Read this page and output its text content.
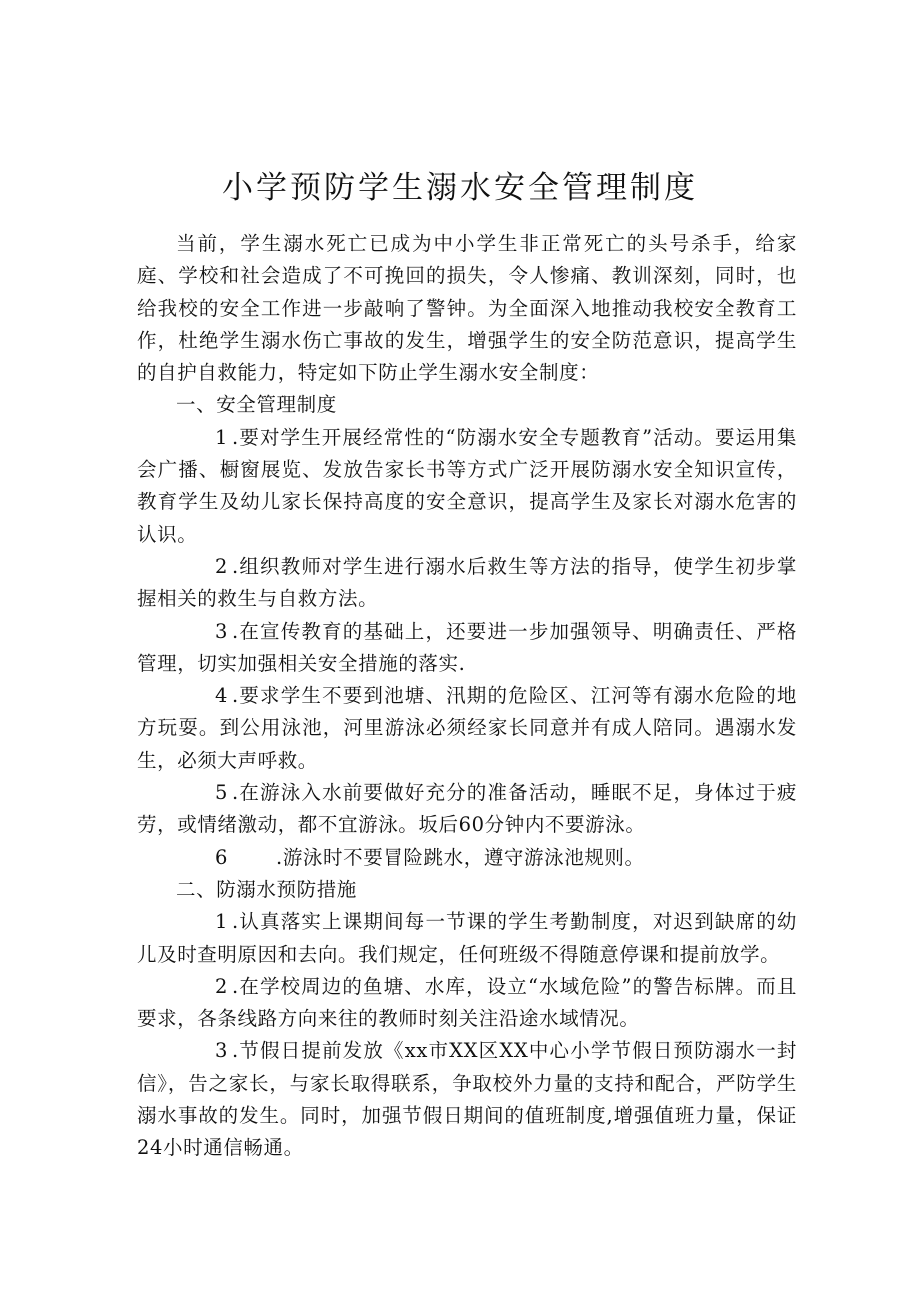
小学预防学生溺水安全管理制度

当前，学生溺水死亡已成为中小学生非正常死亡的头号杀手，给家庭、学校和社会造成了不可挽回的损失，令人惨痛、教训深刻，同时，也给我校的安全工作进一步敲响了警钟。为全面深入地推动我校安全教育工作，杜绝学生溺水伤亡事故的发生，增强学生的安全防范意识，提高学生的自护自救能力，特定如下防止学生溺水安全制度：

一、安全管理制度

1 .要对学生开展经常性的“防溺水安全专题教育”活动。要运用集会广播、橱窗展览、发放告家长书等方式广泛开展防溺水安全知识宣传，教育学生及幼儿家长保持高度的安全意识，提高学生及家长对溺水危害的认识。

2 .组织教师对学生进行溺水后救生等方法的指导，使学生初步掌握相关的救生与自救方法。

3 .在宣传教育的基础上，还要进一步加强领导、明确责任、严格管理，切实加强相关安全措施的落实.

4 .要求学生不要到池塘、汛期的危险区、江河等有溺水危险的地方玩耍。到公用泳池，河里游泳必须经家长同意并有成人陪同。遇溺水发生，必须大声呼救。

5 .在游泳入水前要做好充分的准备活动，睡眠不足，身体过于疲劳，或情绪激动，都不宜游泳。坂后60分钟内不要游泳。

6 .游泳时不要冒险跳水，遵守游泳池规则。

二、防溺水预防措施

1 .认真落实上课期间每一节课的学生考勤制度，对迟到缺席的幼儿及时查明原因和去向。我们规定，任何班级不得随意停课和提前放学。

2 .在学校周边的鱼塘、水库，设立“水域危险”的警告标牌。而且要求，各条线路方向来往的教师时刻关注沿途水域情况。

3 .节假日提前发放《xx市XX区XX中心小学节假日预防溺水一封信》，告之家长，与家长取得联系，争取校外力量的支持和配合，严防学生溺水事故的发生。同时，加强节假日期间的值班制度,增强值班力量，保证24小时通信畅通。
